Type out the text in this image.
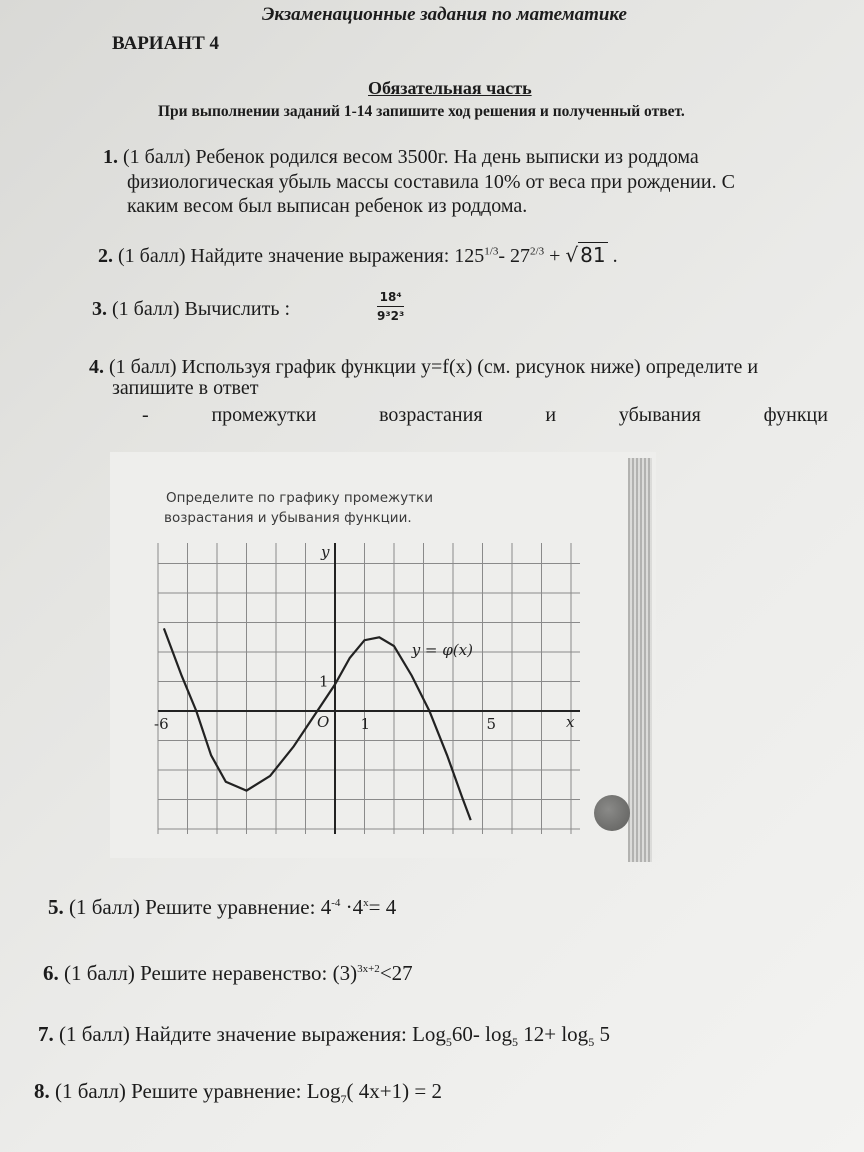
Экзаменационные задания по математике
ВАРИАНТ 4
Обязательная часть
При выполнении заданий 1-14 запишите ход решения и полученный ответ.
1. (1 балл) Ребенок родился весом 3500г. На день выписки из роддома
физиологическая убыль массы составила 10% от веса при рождении. С
каким весом был выписан ребенок из роддома.
2. (1 балл) Найдите значение выражения: $125^{1/3}-$ $27^{2/3}$ + √ 81 .
3. (1 балл) Вычислить :	$\frac{\text{18⁴}}{\text{9³2³}}$
4. (1 балл) Используя график функции y=f(x) (см. рисунок ниже) определите и
запишите в ответ
-	промежутки	возрастания	и	убывания	функци
Определите по графику промежутки
возрастания и убывания функции.
y
x
O
-6	1	5
1
y = φ(x)
5. (1 балл) Решите уравнение: $4^{-4} \cdot 4^x= 4$
6. (1 балл) Решите неравенство: $(3)^{3x+2}<27$
7. (1 балл) Найдите значение выражения: Log$_5$60- $\log_5 12+ \log_5 5$
8. (1 балл) Решите уравнение: Log$_7$( 4x+1) = 2
